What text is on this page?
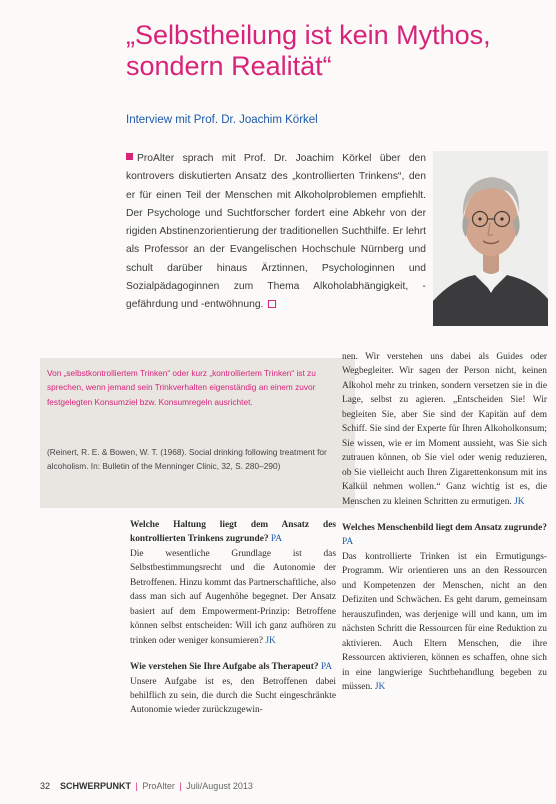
„Selbstheilung ist kein Mythos, sondern Realität“
Interview mit Prof. Dr. Joachim Körkel

ProAlter sprach mit Prof. Dr. Joachim Körkel über den kontrovers diskutierten Ansatz des „kontrollierten Trinkens“, den er für einen Teil der Menschen mit Alkoholproblemen empfiehlt. Der Psychologe und Suchtforscher fordert eine Abkehr von der rigiden Abstinenzorientierung der traditionellen Suchthilfe. Er lehrt als Professor an der Evangelischen Hochschule Nürnberg und schult darüber hinaus Ärztinnen, Psychologinnen und Sozialpädagoginnen zum Thema Alkoholabhängigkeit, -gefährdung und -entwöhnung.

Von „selbstkontrolliertem Trinken“ oder kurz „kontrolliertem Trinken“ ist zu sprechen, wenn jemand sein Trinkverhalten eigenständig an einem zuvor festgelegten Konsumziel bzw. Konsumregeln ausrichtet.

(Reinert, R. E. & Bowen, W. T. (1968). Social drinking following treatment for alcoholism. In: Bulletin of the Menninger Clinic, 32, S. 280–290)

Welche Haltung liegt dem Ansatz des kontrollierten Trinkens zugrunde? PA

Die wesentliche Grundlage ist das Selbstbestimmungsrecht und die Autonomie der Betroffenen. Hinzu kommt das Partnerschaftliche, also dass man sich auf Augenhöhe begegnet. Der Ansatz basiert auf dem Empowerment-Prinzip: Betroffene können selbst entscheiden: Will ich ganz aufhören zu trinken oder weniger konsumieren? JK

Wie verstehen Sie Ihre Aufgabe als Therapeut? PA

Unsere Aufgabe ist es, den Betroffenen dabei behilflich zu sein, die durch die Sucht eingeschränkte Autonomie wieder zurückzugewin-

nen. Wir verstehen uns dabei als Guides oder Wegbegleiter. Wir sagen der Person nicht, keinen Alkohol mehr zu trinken, sondern versetzen sie in die Lage, selbst zu agieren. „Entscheiden Sie! Wir begleiten Sie, aber Sie sind der Kapitän auf dem Schiff. Sie sind der Experte für Ihren Alkoholkonsum; Sie wissen, wie er im Moment aussieht, was Sie sich zutrauen können, ob Sie viel oder wenig reduzieren, ob Sie vielleicht auch Ihren Zigarettenkonsum mit ins Kalkül nehmen wollen.“ Ganz wichtig ist es, die Menschen zu kleinen Schritten zu ermutigen. JK

Welches Menschenbild liegt dem Ansatz zugrunde? PA

Das kontrollierte Trinken ist ein Ermutigungs-Programm. Wir orientieren uns an den Ressourcen und Kompetenzen der Menschen, nicht an den Defiziten und Schwächen. Es geht darum, gemeinsam herauszufinden, was derjenige will und kann, um im nächsten Schritt die Ressourcen für eine Reduktion zu aktivieren. Auch Eltern Menschen, die ihre Ressourcen aktivieren, können es schaffen, ohne sich in eine langwierige Suchtbehandlung begeben zu müssen. JK

32 SCHWERPUNKT | ProAlter | Juli/August 2013
